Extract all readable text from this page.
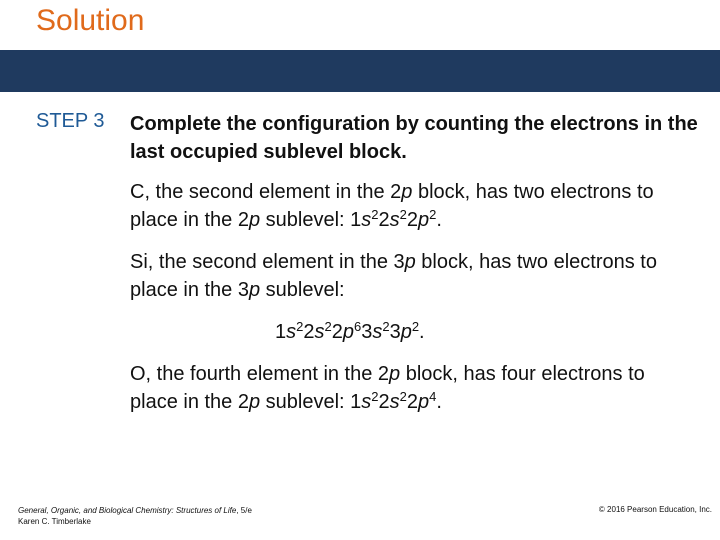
Solution
STEP 3 Complete the configuration by counting the electrons in the last occupied sublevel block.
C, the second element in the 2p block, has two electrons to place in the 2p sublevel: $1s^22s^22p^2$.
Si, the second element in the 3p block, has two electrons to place in the 3p sublevel:
$1s^22s^22p^63s^23p^2$.
O, the fourth element in the 2p block, has four electrons to place in the 2p sublevel: $1s^22s^22p^4$.
General, Organic, and Biological Chemistry: Structures of Life, 5/e
Karen C. Timberlake
© 2016 Pearson Education, Inc.
